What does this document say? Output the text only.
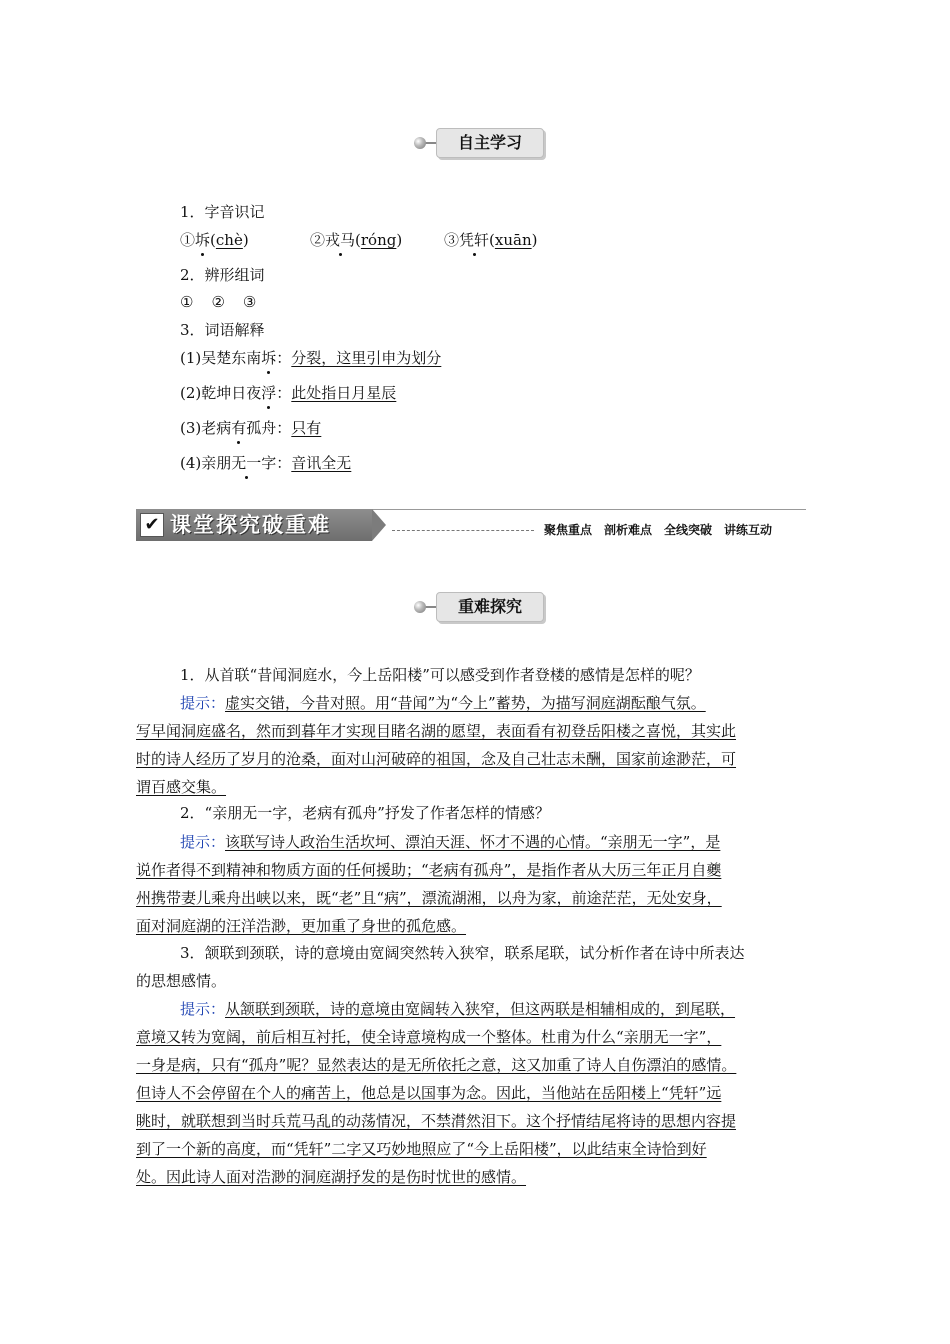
自主学习
1．字音识记
①坼(chè)	②戎马(róng)	③凭轩(xuān)
2．辨形组词
① ② ③
3．词语解释
(1)吴楚东南坼：分裂，这里引申为划分
(2)乾坤日夜浮：此处指日月星辰
(3)老病有孤舟：只有
(4)亲朋无一字：音讯全无
✔ 课堂探究破重难	聚焦重点　剖析难点　全线突破　讲练互动
重难探究
1．从首联“昔闻洞庭水，今上岳阳楼”可以感受到作者登楼的感情是怎样的呢？
提示：虚实交错，今昔对照。用“昔闻”为“今上”蓄势，为描写洞庭湖酝酿气氛。
写早闻洞庭盛名，然而到暮年才实现目睹名湖的愿望，表面看有初登岳阳楼之喜悦，其实此
时的诗人经历了岁月的沧桑，面对山河破碎的祖国，念及自己壮志未酬，国家前途渺茫，可
谓百感交集。
2．“亲朋无一字，老病有孤舟”抒发了作者怎样的情感？
提示：该联写诗人政治生活坎坷、漂泊天涯、怀才不遇的心情。“亲朋无一字”，是
说作者得不到精神和物质方面的任何援助；“老病有孤舟”，是指作者从大历三年正月自夔
州携带妻儿乘舟出峡以来，既“老”且“病”，漂流湖湘，以舟为家，前途茫茫，无处安身，
面对洞庭湖的汪洋浩渺，更加重了身世的孤危感。
3．颔联到颈联，诗的意境由宽阔突然转入狭窄，联系尾联，试分析作者在诗中所表达
的思想感情。
提示：从颔联到颈联，诗的意境由宽阔转入狭窄，但这两联是相辅相成的，到尾联，
意境又转为宽阔，前后相互衬托，使全诗意境构成一个整体。杜甫为什么“亲朋无一字”，
一身是病，只有“孤舟”呢？显然表达的是无所依托之意，这又加重了诗人自伤漂泊的感情。
但诗人不会停留在个人的痛苦上，他总是以国事为念。因此，当他站在岳阳楼上“凭轩”远
眺时，就联想到当时兵荒马乱的动荡情况，不禁潸然泪下。这个抒情结尾将诗的思想内容提
到了一个新的高度，而“凭轩”二字又巧妙地照应了“今上岳阳楼”，以此结束全诗恰到好
处。因此诗人面对浩渺的洞庭湖抒发的是伤时忧世的感情。
